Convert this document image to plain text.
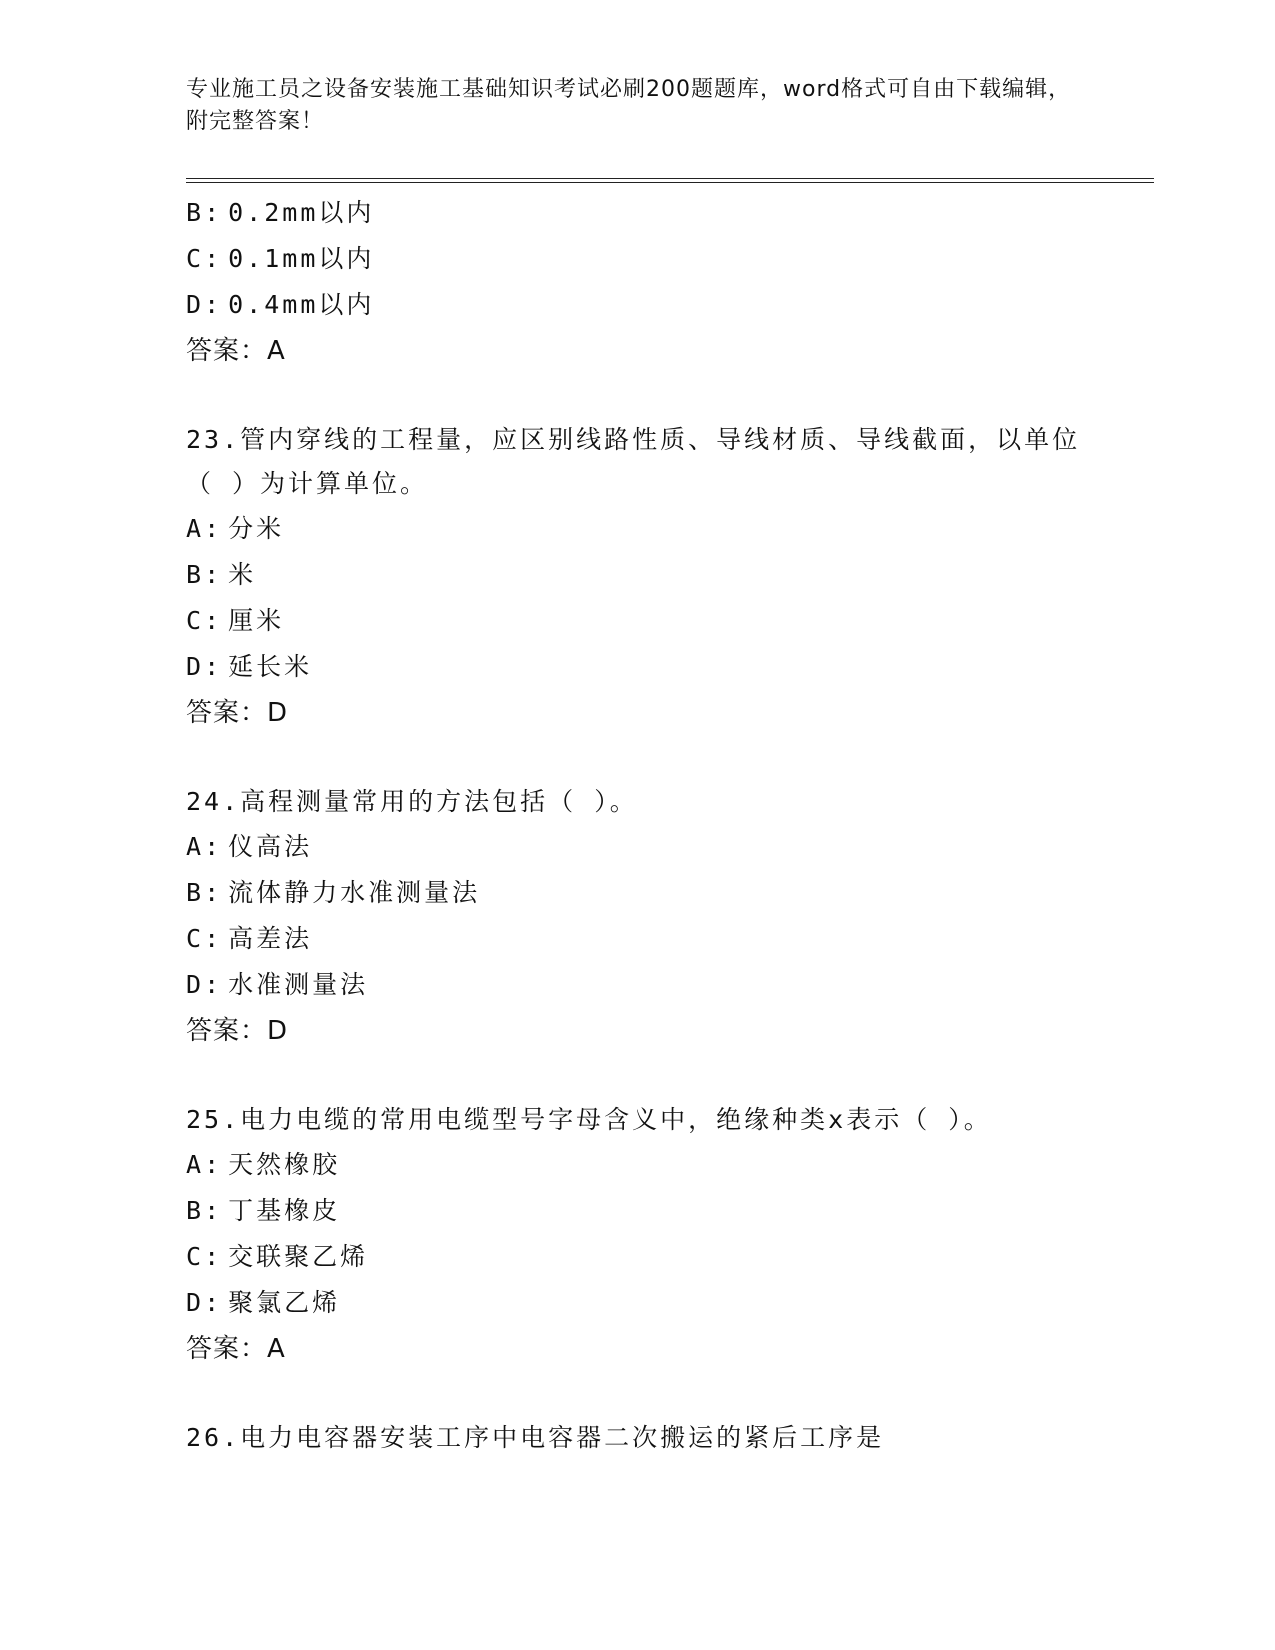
专业施工员之设备安装施工基础知识考试必刷200题题库，word格式可自由下载编辑，附完整答案！
B: 0.2mm以内
C: 0.1mm以内
D: 0.4mm以内
答案：A
23.管内穿线的工程量，应区别线路性质、导线材质、导线截面，以单位（ ）为计算单位。
A: 分米
B: 米
C: 厘米
D: 延长米
答案：D
24.高程测量常用的方法包括（ ）。
A: 仪高法
B: 流体静力水准测量法
C: 高差法
D: 水准测量法
答案：D
25.电力电缆的常用电缆型号字母含义中，绝缘种类x表示（ ）。
A: 天然橡胶
B: 丁基橡皮
C: 交联聚乙烯
D: 聚氯乙烯
答案：A
26.电力电容器安装工序中电容器二次搬运的紧后工序是
